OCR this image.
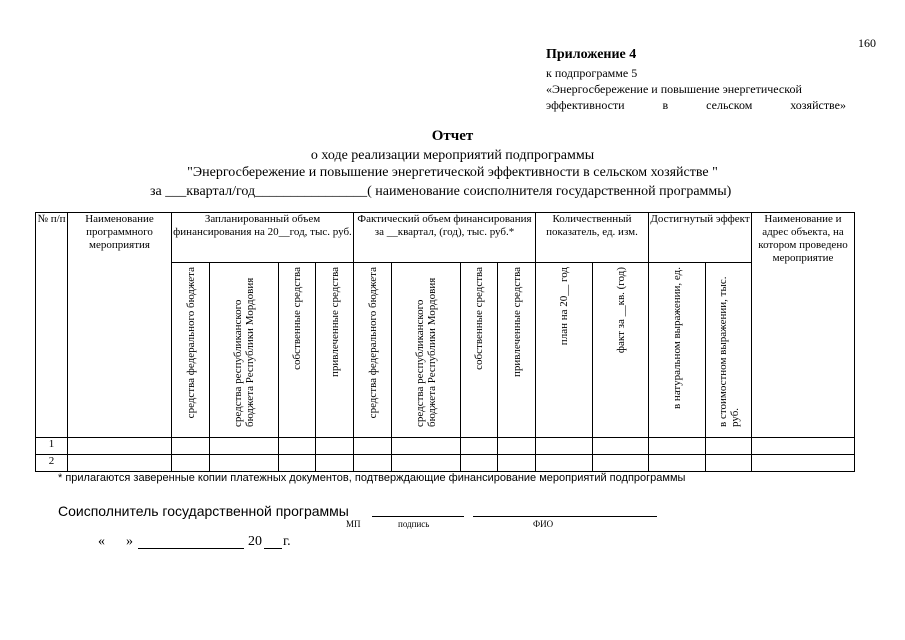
160
Приложение 4
к подпрограмме 5
«Энергосбережение и повышение энергетической
эффективности	в	сельском	хозяйстве»
Отчет
о ходе реализации мероприятий подпрограммы
"Энергосбережение и повышение энергетической эффективности в сельском хозяйстве "
за ___квартал/год________________( наименование соисполнителя государственной программы)
№ п/п	Наименование программного мероприятия	Запланированный объем финансирования на 20__год, тыс. руб.				Фактический объем финансирования за __квартал, (год), тыс. руб.*				Количественный показатель, ед. изм.		Достигнутый эффект		Наименование и адрес объекта, на котором проведено мероприятие
		средства федерального бюджета	средства республиканского бюджета Республики Мордовия	собственные средства	привлеченные средства	средства федерального бюджета	средства республиканского бюджета Республики Мордовия	собственные средства	привлеченные средства	план на 20__ год	факт за __кв. (год)	в натуральном выражении, ед.	в стоимостном выражении, тыс. руб.	
1														
2														
* прилагаются заверенные копии платежных документов, подтверждающие финансирование мероприятий подпрограммы
Соисполнитель государственной программы
МП	подпись	ФИО
« »	20 г.
